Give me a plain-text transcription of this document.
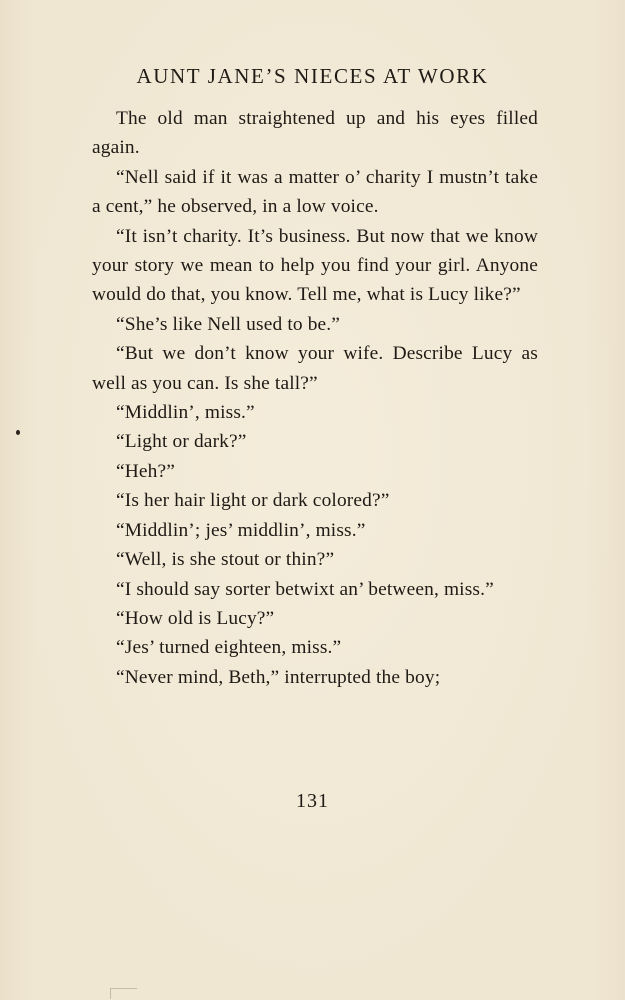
AUNT JANE’S NIECES AT WORK

The old man straightened up and his eyes filled again.

“Nell said if it was a matter o’ charity I mustn’t take a cent,” he observed, in a low voice.

“It isn’t charity. It’s business. But now that we know your story we mean to help you find your girl. Anyone would do that, you know. Tell me, what is Lucy like?”

“She’s like Nell used to be.”

“But we don’t know your wife. Describe Lucy as well as you can. Is she tall?”

“Middlin’, miss.”

“Light or dark?”

“Heh?”

“Is her hair light or dark colored?”

“Middlin’; jes’ middlin’, miss.”

“Well, is she stout or thin?”

“I should say sorter betwixt an’ between, miss.”

“How old is Lucy?”

“Jes’ turned eighteen, miss.”

“Never mind, Beth,” interrupted the boy;

131
